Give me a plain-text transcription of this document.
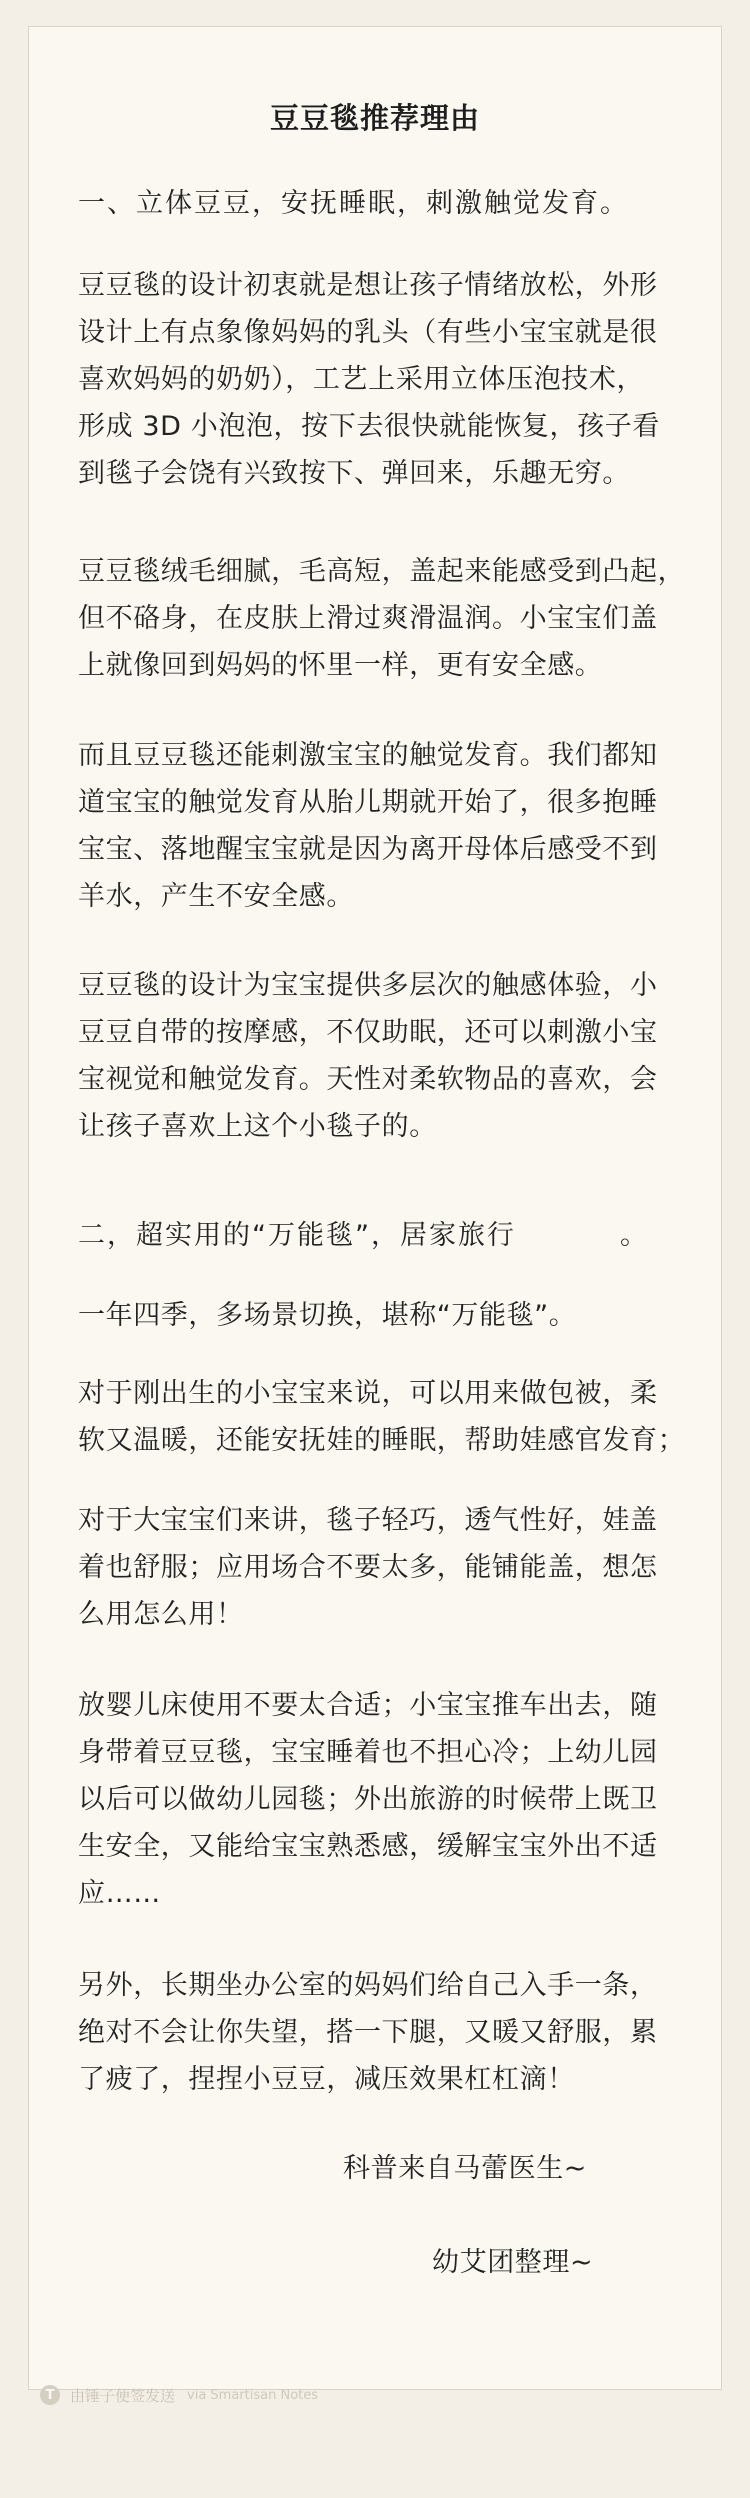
豆豆毯推荐理由
一、立体豆豆，安抚睡眠，刺激触觉发育。
豆豆毯的设计初衷就是想让孩子情绪放松，外形
设计上有点象像妈妈的乳头（有些小宝宝就是很
喜欢妈妈的奶奶），工艺上采用立体压泡技术，
形成 3D 小泡泡，按下去很快就能恢复，孩子看
到毯子会饶有兴致按下、弹回来，乐趣无穷。
豆豆毯绒毛细腻，毛高短，盖起来能感受到凸起，
但不硌身，在皮肤上滑过爽滑温润。小宝宝们盖
上就像回到妈妈的怀里一样，更有安全感。
而且豆豆毯还能刺激宝宝的触觉发育。我们都知
道宝宝的触觉发育从胎儿期就开始了，很多抱睡
宝宝、落地醒宝宝就是因为离开母体后感受不到
羊水，产生不安全感。
豆豆毯的设计为宝宝提供多层次的触感体验，小
豆豆自带的按摩感，不仅助眠，还可以刺激小宝
宝视觉和触觉发育。天性对柔软物品的喜欢，会
让孩子喜欢上这个小毯子的。
二，超实用的“万能毯”，居家旅行	。
一年四季，多场景切换，堪称“万能毯”。
对于刚出生的小宝宝来说，可以用来做包被，柔
软又温暖，还能安抚娃的睡眠，帮助娃感官发育；
对于大宝宝们来讲，毯子轻巧，透气性好，娃盖
着也舒服；应用场合不要太多，能铺能盖，想怎
么用怎么用！
放婴儿床使用不要太合适；小宝宝推车出去，随
身带着豆豆毯，宝宝睡着也不担心冷；上幼儿园
以后可以做幼儿园毯；外出旅游的时候带上既卫
生安全，又能给宝宝熟悉感，缓解宝宝外出不适
应……
另外，长期坐办公室的妈妈们给自己入手一条，
绝对不会让你失望，搭一下腿，又暖又舒服，累
了疲了，捏捏小豆豆，减压效果杠杠滴！
科普来自马蕾医生~
幼艾团整理~
T	由锤子便签发送 via Smartisan Notes
